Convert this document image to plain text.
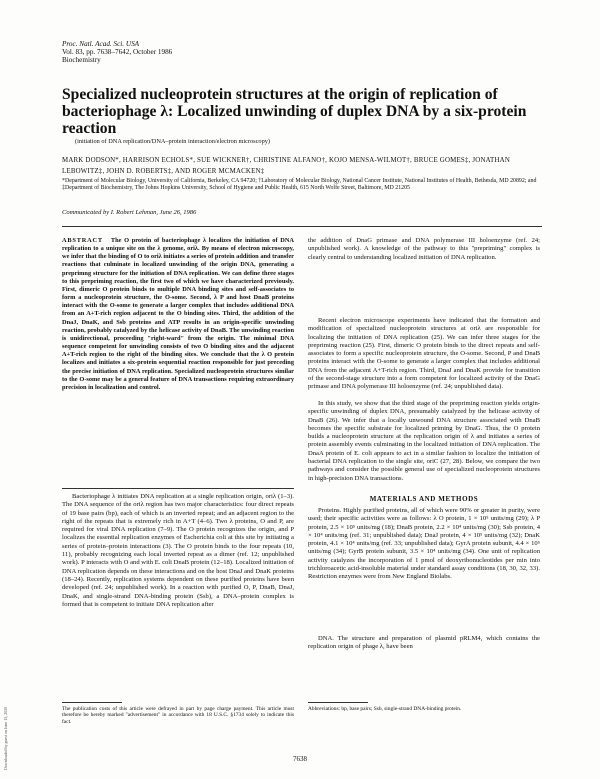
Downloaded by guest on June 15, 2020
Proc. Natl. Acad. Sci. USA
Vol. 83, pp. 7638–7642, October 1986
Biochemistry
Specialized nucleoprotein structures at the origin of replication of bacteriophage λ: Localized unwinding of duplex DNA by a six-protein reaction
(initiation of DNA replication/DNA–protein interaction/electron microscopy)
MARK DODSON*, HARRISON ECHOLS*, SUE WICKNER†, CHRISTINE ALFANO†, KOJO MENSA-WILMOT†, BRUCE GOMES‡, JONATHAN LEBOWITZ‡, JOHN D. ROBERTS‡, AND ROGER MCMACKEN‡
*Department of Molecular Biology, University of California, Berkeley, CA 94720; †Laboratory of Molecular Biology, National Cancer Institute, National Institutes of Health, Bethesda, MD 20892; and ‡Department of Biochemistry, The Johns Hopkins University, School of Hygiene and Public Health, 615 North Wolfe Street, Baltimore, MD 21205
Communicated by I. Robert Lehman, June 26, 1986

ABSTRACT The O protein of bacteriophage λ localizes the initiation of DNA replication to a unique site on the λ genome, oriλ. By means of electron microscopy, we infer that the binding of O to oriλ initiates a series of protein addition and transfer reactions that culminate in localized unwinding of the origin DNA, generating a preprimng structure for the initiation of DNA replication. We can define three stages to this prepriming reaction, the first two of which we have characterized previously. First, dimeric O protein binds to multiple DNA binding sites and self-associates to form a nucleoprotein structure, the O-some. Second, λ P and host DnaB proteins interact with the O-some to generate a larger complex that includes additional DNA from an A+T-rich region adjacent to the O binding sites. Third, the addition of the DnaJ, DnaK, and Ssb proteins and ATP results in an origin-specific unwinding reaction, probably catalyzed by the helicase activity of DnaB. The unwinding reaction is unidirectional, proceeding "right-ward" from the origin. The minimal DNA sequence competent for unwinding consists of two O binding sites and the adjacent A+T-rich region to the right of the binding sites. We conclude that the λ O protein localizes and initiates a six-protein sequential reaction responsible for just preceding the precise initiation of DNA replication. Specialized nucleoprotein structures similar to the O-some may be a general feature of DNA transactions requiring extraordinary precision in localization and control.

Bacteriophage λ initiates DNA replication at a single replication origin, oriλ (1–3). The DNA sequence of the oriλ region has two major characteristics: four direct repeats of 19 base pairs (bp), each of which is an inverted repeat; and an adjacent region to the right of the repeats that is extremely rich in A+T (4–6). Two λ proteins, O and P, are required for viral DNA replication (7–9). The O protein recognizes the origin, and P localizes the essential replication enzymes of Escherichia coli at this site by initiating a series of protein–protein interactions (3). The O protein binds to the four repeats (10, 11), probably recognizing each local inverted repeat as a dimer (ref. 12; unpublished work). P interacts with O and with E. coli DnaB protein (12–18). Localized initiation of DNA replication depends on these interactions and on the host DnaJ and DnaK proteins (18–24). Recently, replication systems dependent on these purified proteins have been developed (ref. 24; unpublished work). In a reaction with purified O, P, DnaB, DnaJ, DnaK, and single-strand DNA-binding protein (Ssb), a DNA–protein complex is formed that is competent to initiate DNA replication after

the addition of DnaG primase and DNA polymerase III holoenzyme (ref. 24; unpublished work). A knowledge of the pathway to this "prepriming" complex is clearly central to understanding localized initiation of DNA replication.

Recent electron microscope experiments have indicated that the formation and modification of specialized nucleoprotein structures at oriλ are responsible for localizing the initiation of DNA replication (25). We can infer three stages for the prepriming reaction (25). First, dimeric O protein binds to the direct repeats and self-associates to form a specific nucleoprotein structure, the O-some. Second, P and DnaB proteins interact with the O-some to generate a larger complex that includes additional DNA from the adjacent A+T-rich region. Third, DnaJ and DnaK provide for transition of the second-stage structure into a form competent for localized activity of the DnaG primase and DNA polymerase III holoenzyme (ref. 24; unpublished data).

In this study, we show that the third stage of the prepriming reaction yields origin-specific unwinding of duplex DNA, presumably catalyzed by the helicase activity of DnaB (26). We infer that a locally unwound DNA structure associated with DnaB becomes the specific substrate for localized priming by DnaG. Thus, the O protein builds a nucleoprotein structure at the replication origin of λ and initiates a series of protein assembly events culminating in the localized initiation of DNA replication. The DnaA protein of E. coli appears to act in a similar fashion to localize the initiation of bacterial DNA replication to the single site, oriC (27, 28). Below, we compare the two pathways and consider the possible general use of specialized nucleoprotein structures in high-precision DNA transactions.

MATERIALS AND METHODS

Proteins. Highly purified proteins, all of which were 90% or greater in purity, were used; their specific activities were as follows: λ O protein, 1 × 10⁵ units/mg (29); λ P protein, 2.5 × 10⁵ units/mg (18); DnaB protein, 2.2 × 10⁴ units/mg (30); Ssb protein, 4 × 10⁴ units/mg (ref. 31; unpublished data); DnaJ protein, 4 × 10⁵ units/mg (32); DnaK protein, 4.1 × 10⁴ units/mg (ref. 33; unpublished data); GyrA protein subunit, 4.4 × 10⁵ units/mg (34); GyrB protein subunit, 3.5 × 10⁴ units/mg (34). One unit of replication activity catalyzes the incorporation of 1 pmol of deoxyribonucleotides per min into trichloroacetic acid-insoluble material under standard assay conditions (18, 30, 32, 33). Restriction enzymes were from New England Biolabs.

DNA. The structure and preparation of plasmid pRLM4, which contains the replication origin of phage λ, have been

The publication costs of this article were defrayed in part by page charge payment. This article must therefore be hereby marked "advertisement" in accordance with 18 U.S.C. §1734 solely to indicate this fact.
Abbreviations: bp, base pairs; Ssb, single-strand DNA-binding protein.
7638
